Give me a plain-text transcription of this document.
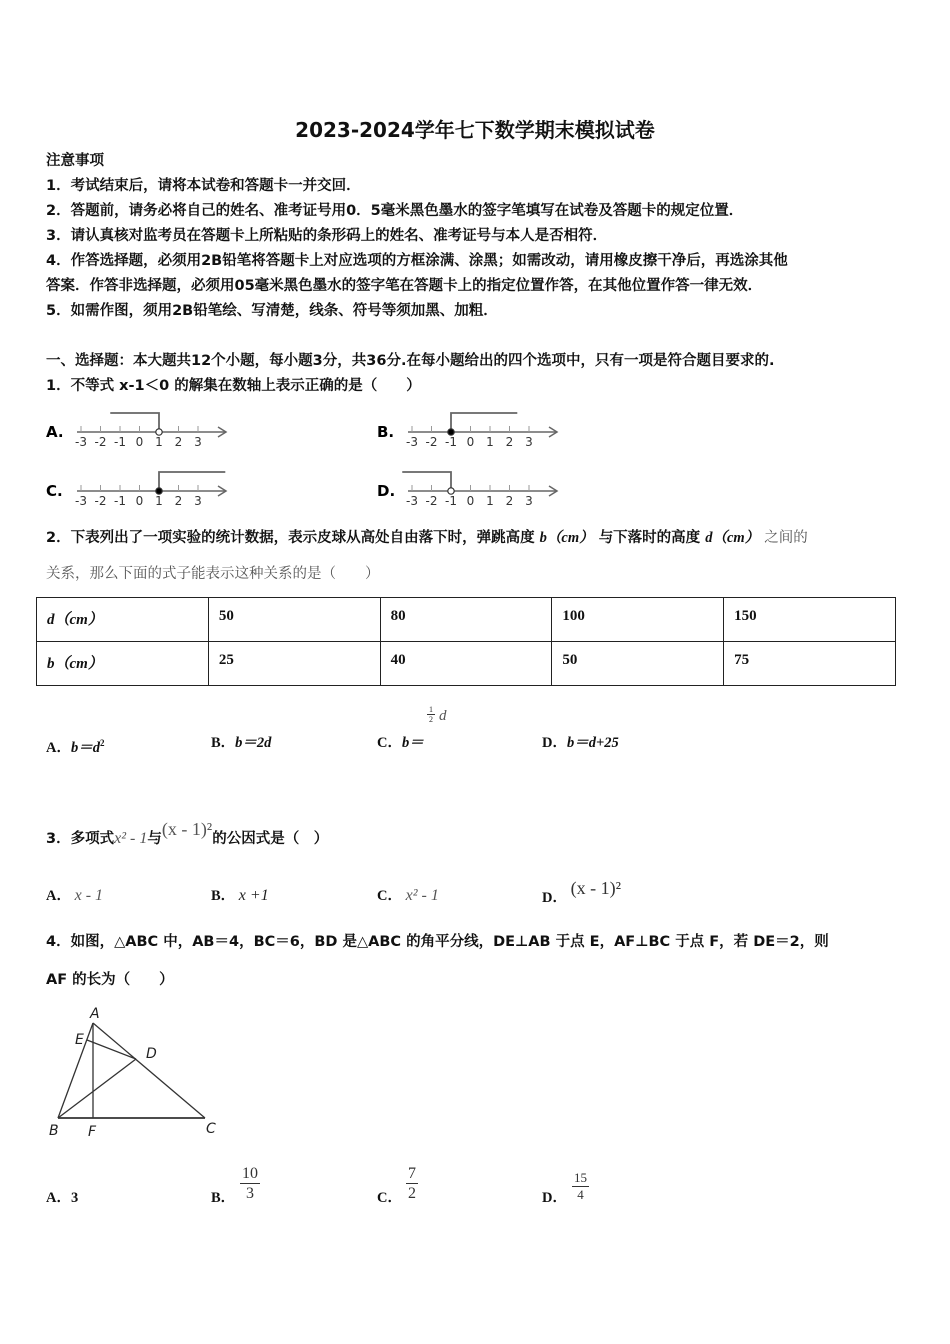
2023-2024学年七下数学期末模拟试卷
注意事项
1．考试结束后，请将本试卷和答题卡一并交回．
2．答题前，请务必将自己的姓名、准考证号用0．5毫米黑色墨水的签字笔填写在试卷及答题卡的规定位置．
3．请认真核对监考员在答题卡上所粘贴的条形码上的姓名、准考证号与本人是否相符．
4．作答选择题，必须用2B铅笔将答题卡上对应选项的方框涂满、涂黑；如需改动，请用橡皮擦干净后，再选涂其他
答案．作答非选择题，必须用05毫米黑色墨水的签字笔在答题卡上的指定位置作答，在其他位置作答一律无效．
5．如需作图，须用2B铅笔绘、写清楚，线条、符号等须加黑、加粗．
一、选择题：本大题共12个小题，每小题3分，共36分.在每小题给出的四个选项中，只有一项是符合题目要求的.
1．不等式 x-1＜0 的解集在数轴上表示正确的是（　　）
A.
-3 -2 -1 0 1 2 3
B.
-3 -2 -1 0 1 2 3
C.
-3 -2 -1 0 1 2 3
D.
-3 -2 -1 0 1 2 3
2．下表列出了一项实验的统计数据，表示皮球从高处自由落下时，弹跳高度 b（cm） 与下落时的高度 d（cm） 之间的
关系，那么下面的式子能表示这种关系的是（　　）
d（cm）	50	80	100	150
b（cm）	25	40	50	75
A．$b=d^2$	B．b＝2d	C．b＝
$\frac{1}{2}$ d
D．b＝d+25
3．多项式x² - 1与(x - 1)²的公因式是（　）
A． x - 1	B． x +1	C． x² - 1	D． (x - 1)²
4．如图，△ABC 中，AB＝4，BC＝6，BD 是△ABC 的角平分线，DE⊥AB 于点 E，AF⊥BC 于点 F，若 DE＝2，则
AF 的长为（　　）
A
E
D
B F	C
A．3	B． $\frac{10}{3}$	C． $\frac{7}{2}$	D． $\frac{15}{4}$
